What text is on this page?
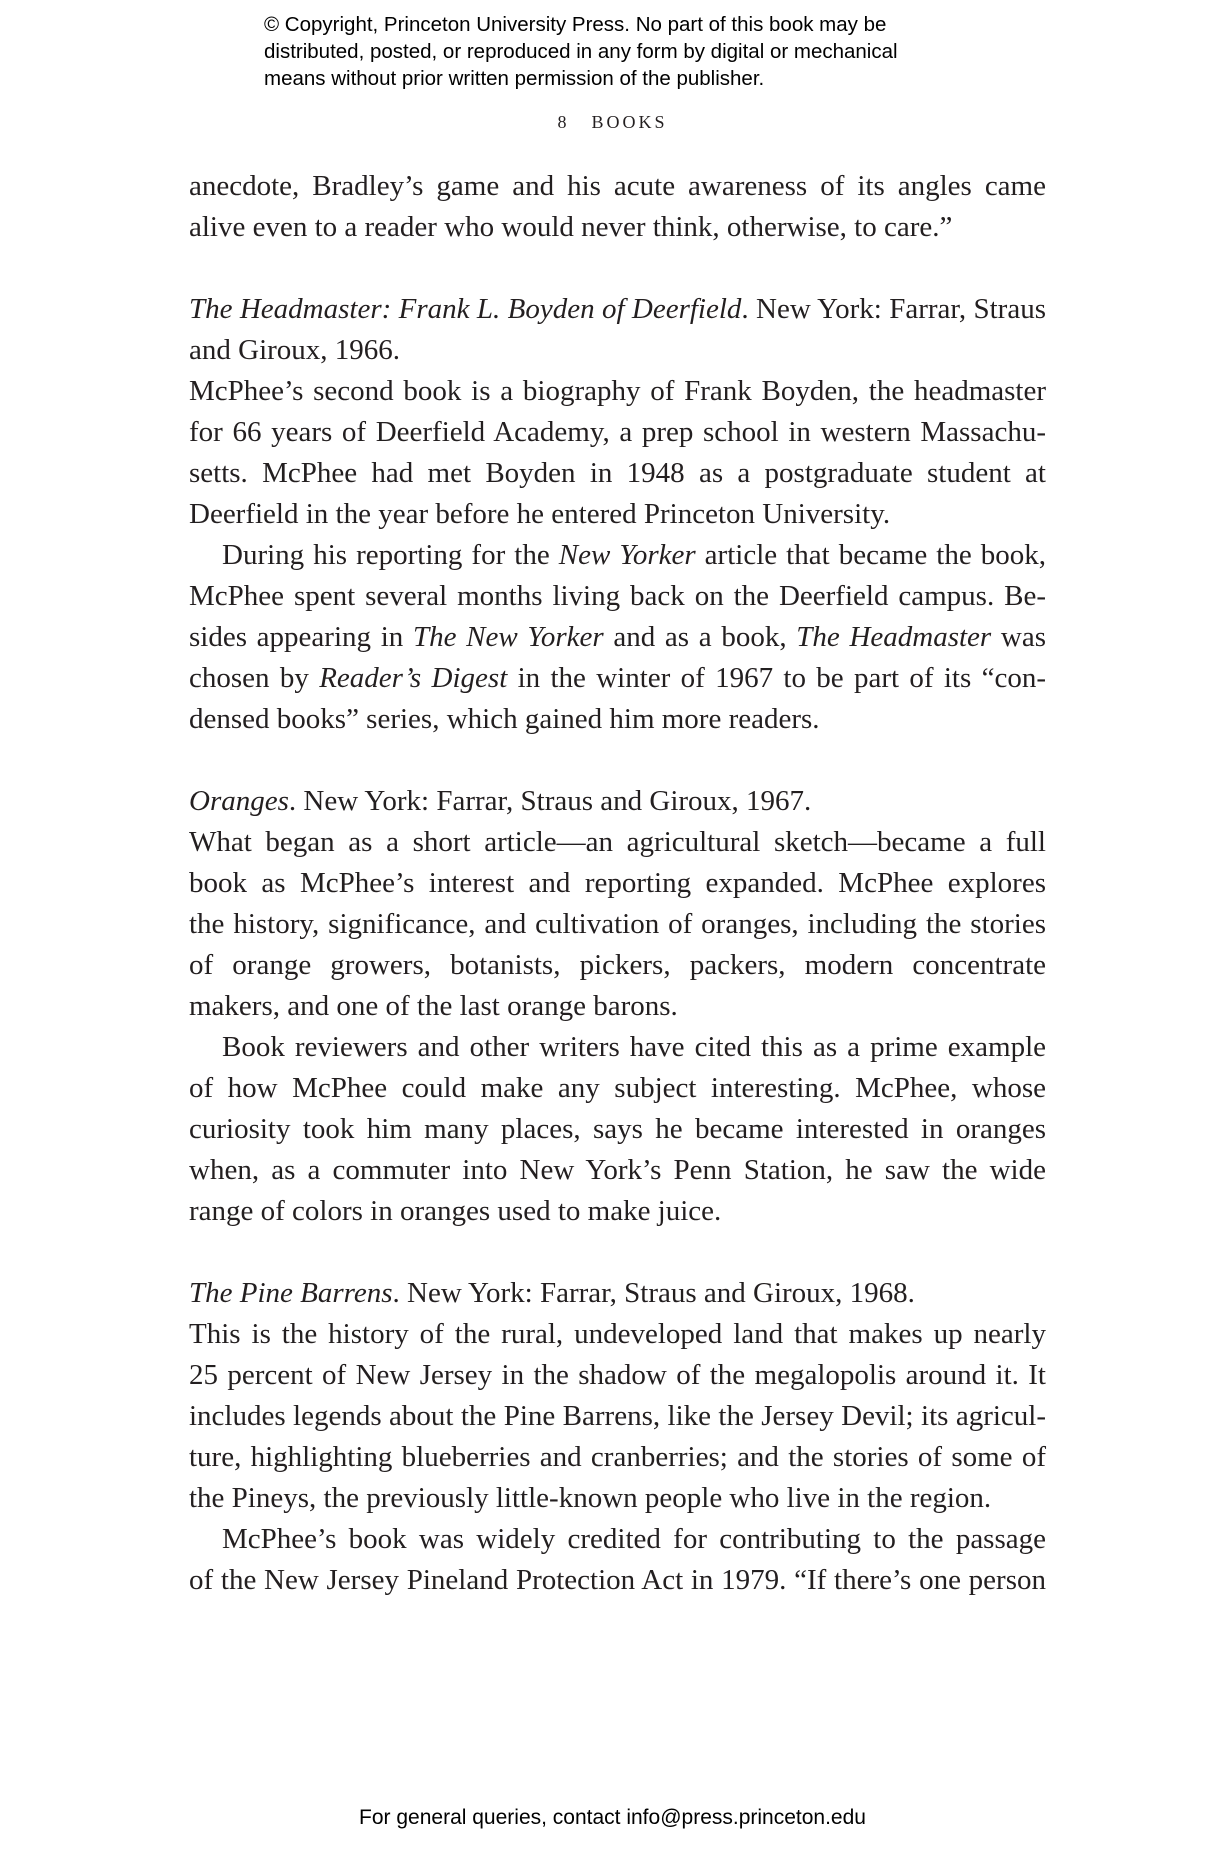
© Copyright, Princeton University Press. No part of this book may be
distributed, posted, or reproduced in any form by digital or mechanical
means without prior written permission of the publisher.
8 BOOKS
anecdote, Bradley’s game and his acute awareness of its angles came
alive even to a reader who would never think, otherwise, to care.”
The Headmaster: Frank L. Boyden of Deerfield. New York: Farrar, Straus
and Giroux, 1966.
McPhee’s second book is a biography of Frank Boyden, the headmaster
for 66 years of Deerfield Academy, a prep school in western Massachu-
setts. McPhee had met Boyden in 1948 as a postgraduate student at
Deerfield in the year before he entered Princeton University.
During his reporting for the New Yorker article that became the book,
McPhee spent several months living back on the Deerfield campus. Be-
sides appearing in The New Yorker and as a book, The Headmaster was
chosen by Reader’s Digest in the winter of 1967 to be part of its “con-
densed books” series, which gained him more readers.
Oranges. New York: Farrar, Straus and Giroux, 1967.
What began as a short article—an agricultural sketch—became a full
book as McPhee’s interest and reporting expanded. McPhee explores
the history, significance, and cultivation of oranges, including the stories
of orange growers, botanists, pickers, packers, modern concentrate
makers, and one of the last orange barons.
Book reviewers and other writers have cited this as a prime example
of how McPhee could make any subject interesting. McPhee, whose
curiosity took him many places, says he became interested in oranges
when, as a commuter into New York’s Penn Station, he saw the wide
range of colors in oranges used to make juice.
The Pine Barrens. New York: Farrar, Straus and Giroux, 1968.
This is the history of the rural, undeveloped land that makes up nearly
25 percent of New Jersey in the shadow of the megalopolis around it. It
includes legends about the Pine Barrens, like the Jersey Devil; its agricul-
ture, highlighting blueberries and cranberries; and the stories of some of
the Pineys, the previously little-known people who live in the region.
McPhee’s book was widely credited for contributing to the passage
of the New Jersey Pineland Protection Act in 1979. “If there’s one person
For general queries, contact info@press.princeton.edu
